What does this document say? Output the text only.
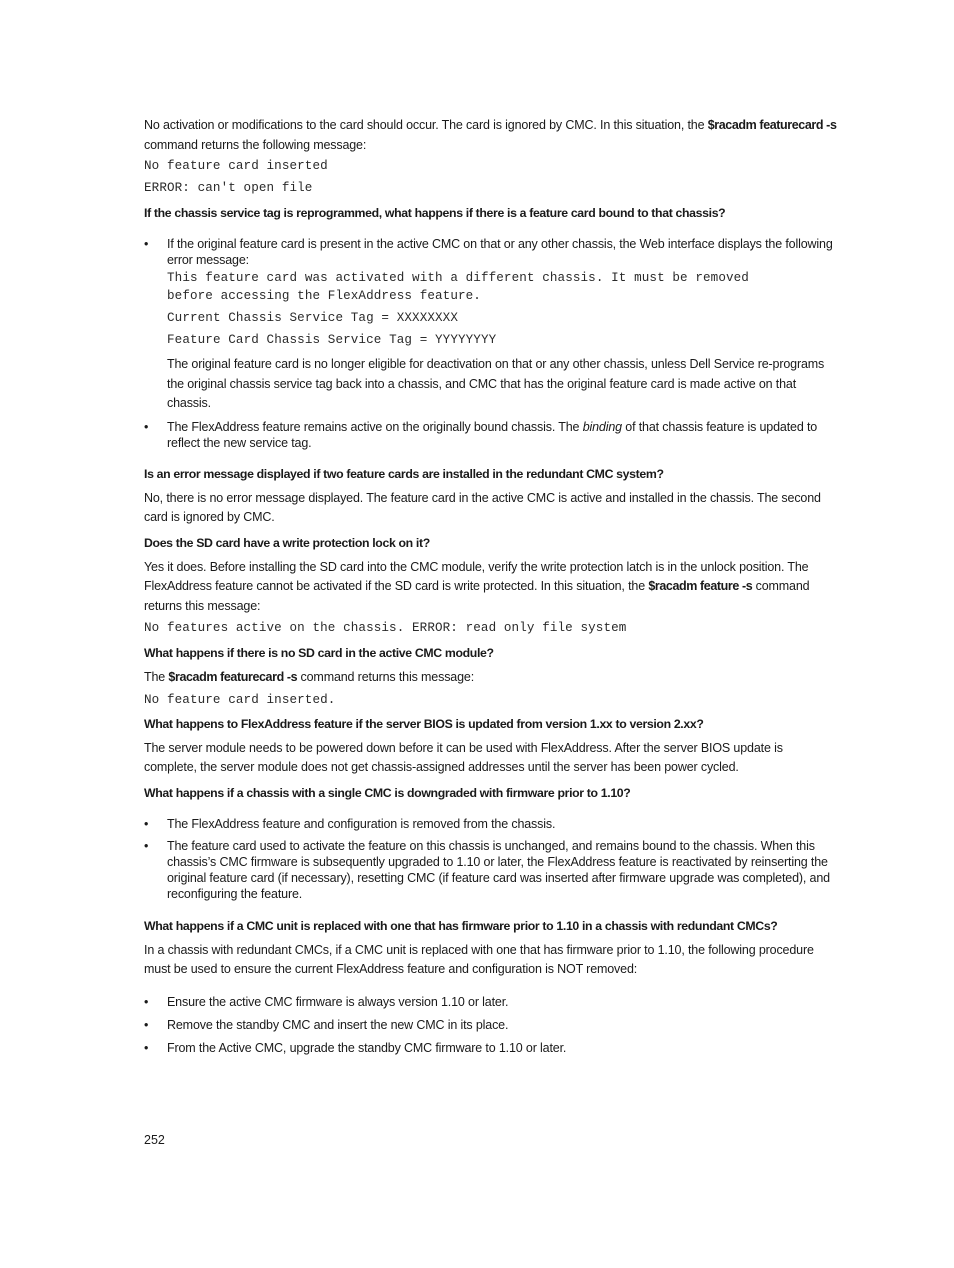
No activation or modifications to the card should occur. The card is ignored by CMC. In this situation, the $racadm featurecard -s command returns the following message:

No feature card inserted
ERROR: can't open file

If the chassis service tag is reprogrammed, what happens if there is a feature card bound to that chassis?

• If the original feature card is present in the active CMC on that or any other chassis, the Web interface displays the following error message:
This feature card was activated with a different chassis. It must be removed
before accessing the FlexAddress feature.
Current Chassis Service Tag = XXXXXXXX
Feature Card Chassis Service Tag = YYYYYYYY

The original feature card is no longer eligible for deactivation on that or any other chassis, unless Dell Service re-programs the original chassis service tag back into a chassis, and CMC that has the original feature card is made active on that chassis.

• The FlexAddress feature remains active on the originally bound chassis. The binding of that chassis feature is updated to reflect the new service tag.

Is an error message displayed if two feature cards are installed in the redundant CMC system?

No, there is no error message displayed. The feature card in the active CMC is active and installed in the chassis. The second card is ignored by CMC.

Does the SD card have a write protection lock on it?

Yes it does. Before installing the SD card into the CMC module, verify the write protection latch is in the unlock position. The FlexAddress feature cannot be activated if the SD card is write protected. In this situation, the $racadm feature -s command returns this message:

No features active on the chassis. ERROR: read only file system

What happens if there is no SD card in the active CMC module?

The $racadm featurecard -s command returns this message:

No feature card inserted.

What happens to FlexAddress feature if the server BIOS is updated from version 1.xx to version 2.xx?

The server module needs to be powered down before it can be used with FlexAddress. After the server BIOS update is complete, the server module does not get chassis-assigned addresses until the server has been power cycled.

What happens if a chassis with a single CMC is downgraded with firmware prior to 1.10?

• The FlexAddress feature and configuration is removed from the chassis.
• The feature card used to activate the feature on this chassis is unchanged, and remains bound to the chassis. When this chassis’s CMC firmware is subsequently upgraded to 1.10 or later, the FlexAddress feature is reactivated by reinserting the original feature card (if necessary), resetting CMC (if feature card was inserted after firmware upgrade was completed), and reconfiguring the feature.

What happens if a CMC unit is replaced with one that has firmware prior to 1.10 in a chassis with redundant CMCs?

In a chassis with redundant CMCs, if a CMC unit is replaced with one that has firmware prior to 1.10, the following procedure must be used to ensure the current FlexAddress feature and configuration is NOT removed:

• Ensure the active CMC firmware is always version 1.10 or later.
• Remove the standby CMC and insert the new CMC in its place.
• From the Active CMC, upgrade the standby CMC firmware to 1.10 or later.
252
